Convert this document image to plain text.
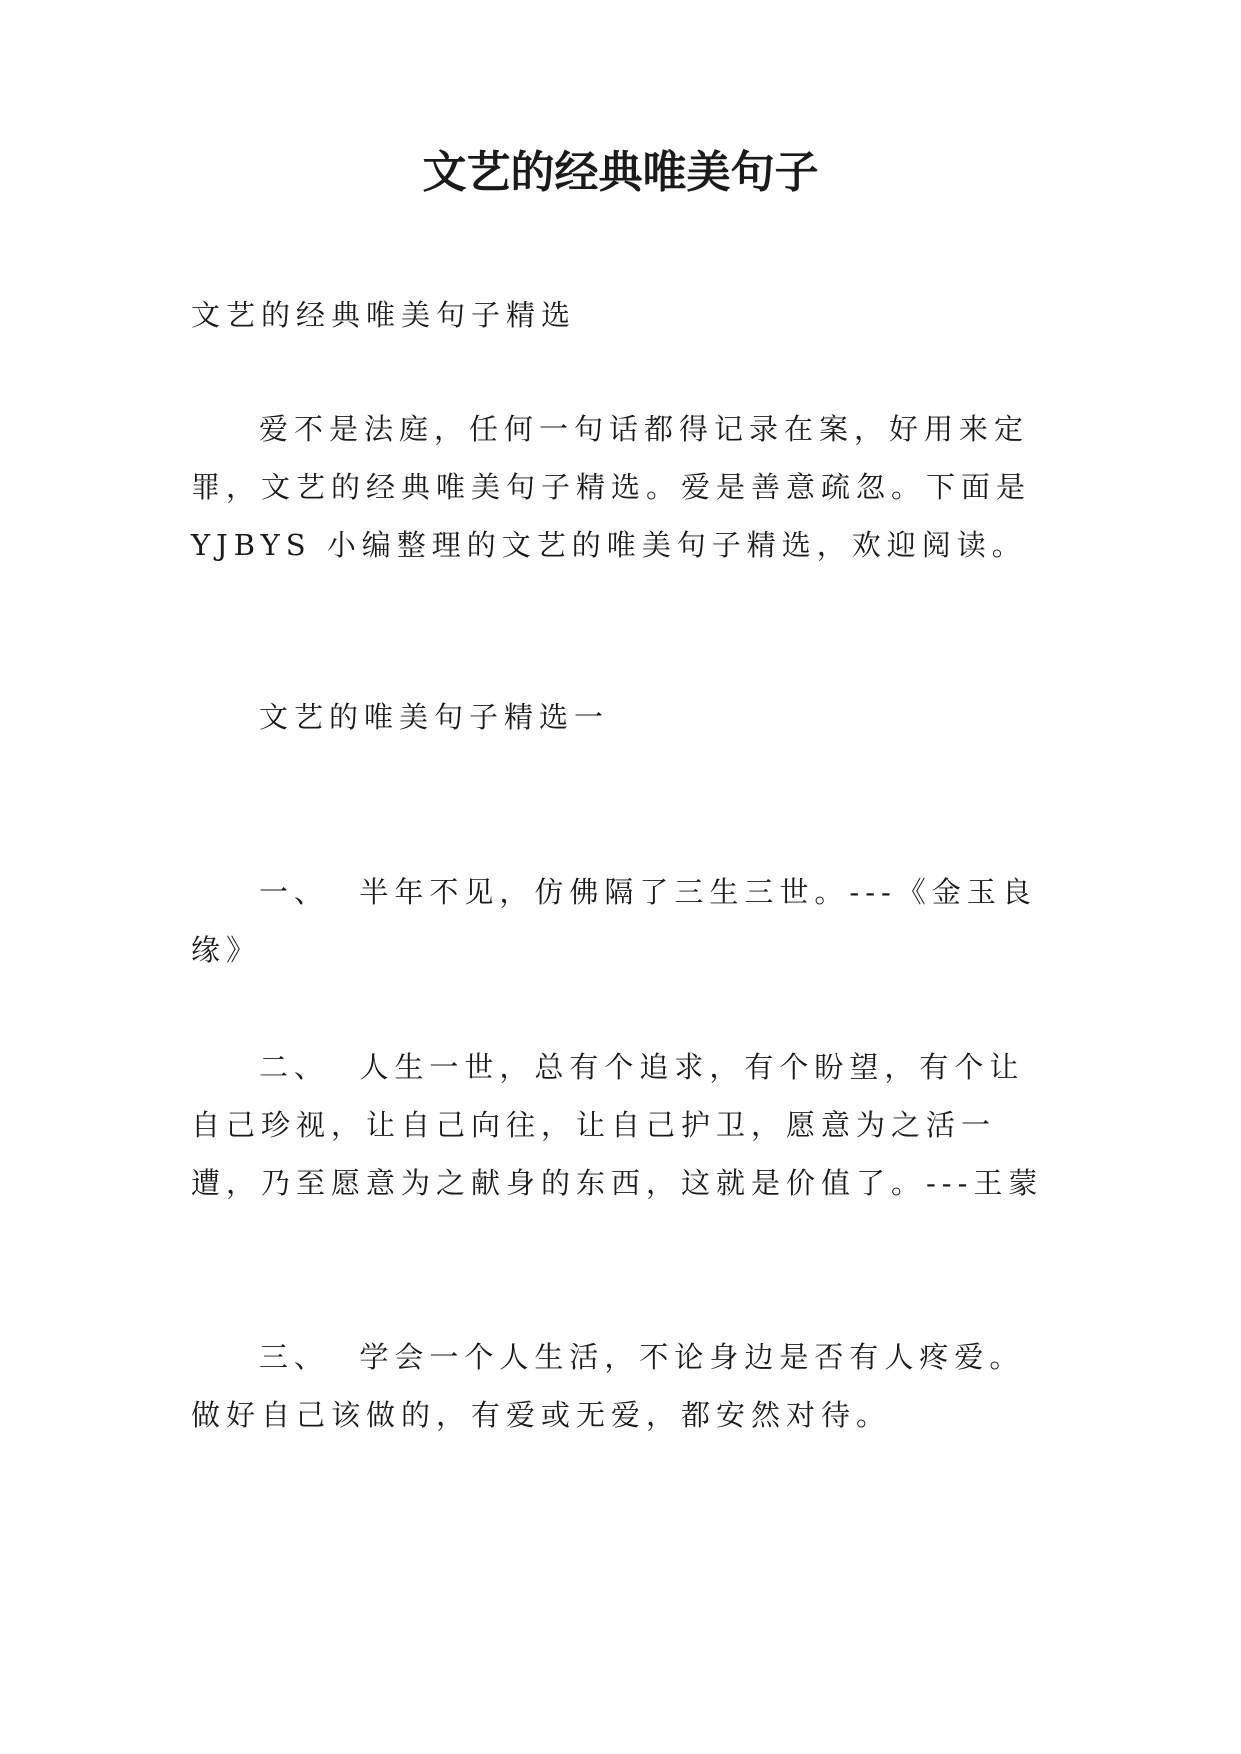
文艺的经典唯美句子

文艺的经典唯美句子精选

爱不是法庭，任何一句话都得记录在案，好用来定罪，文艺的经典唯美句子精选。爱是善意疏忽。下面是 YJBYS 小编整理的文艺的唯美句子精选，欢迎阅读。

文艺的唯美句子精选一

一、  半年不见，仿佛隔了三生三世。---《金玉良缘》

二、  人生一世，总有个追求，有个盼望，有个让自己珍视，让自己向往，让自己护卫，愿意为之活一遭，乃至愿意为之献身的东西，这就是价值了。---王蒙

三、  学会一个人生活，不论身边是否有人疼爱。做好自己该做的，有爱或无爱，都安然对待。
